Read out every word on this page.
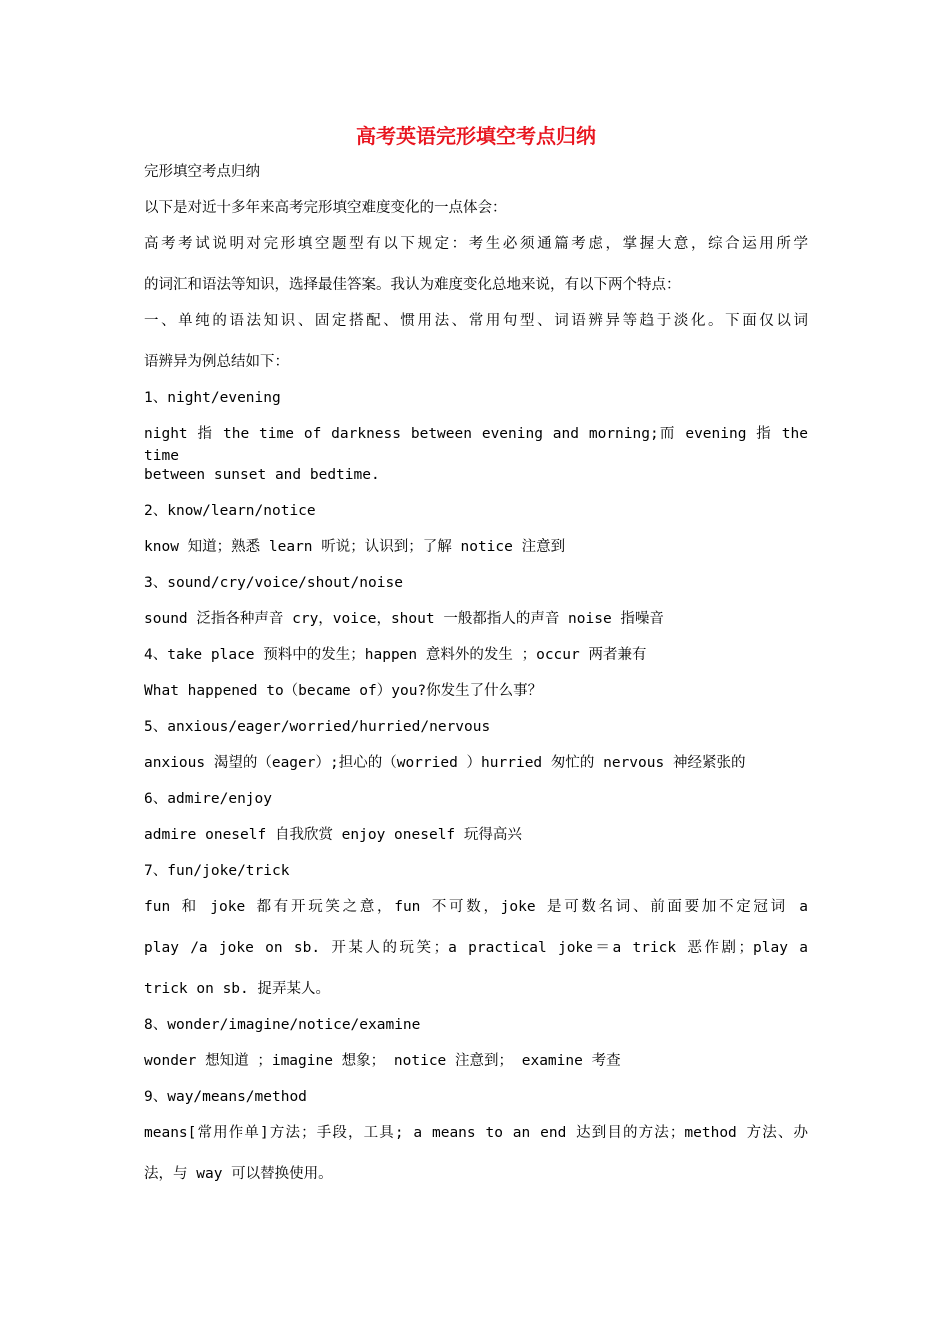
高考英语完形填空考点归纳

完形填空考点归纳

以下是对近十多年来高考完形填空难度变化的一点体会：

高考考试说明对完形填空题型有以下规定：考生必须通篇考虑，掌握大意，综合运用所学

的词汇和语法等知识，选择最佳答案。我认为难度变化总地来说，有以下两个特点：

一、单纯的语法知识、固定搭配、惯用法、常用句型、词语辨异等趋于淡化。下面仅以词

语辨异为例总结如下：

1、night/evening

night 指 the time of darkness between evening and morning;而 evening 指 the time

between sunset and bedtime.

2、know/learn/notice

know 知道；熟悉 learn 听说；认识到；了解 notice 注意到

3、sound/cry/voice/shout/noise

sound 泛指各种声音 cry，voice，shout 一般都指人的声音 noise 指噪音

4、take place 预料中的发生；happen 意料外的发生 ；occur 两者兼有

What happened to（became of）you?你发生了什么事？

5、anxious/eager/worried/hurried/nervous

anxious 渴望的（eager）;担心的（worried ）hurried 匆忙的 nervous 神经紧张的

6、admire/enjoy

admire oneself 自我欣赏 enjoy oneself 玩得高兴

7、fun/joke/trick

fun 和 joke 都有开玩笑之意，fun 不可数，joke 是可数名词、前面要加不定冠词 a

play /a joke on sb. 开某人的玩笑；a practical joke＝a trick 恶作剧；play a

trick on sb. 捉弄某人。

8、wonder/imagine/notice/examine

wonder 想知道 ；imagine 想象； notice 注意到； examine 考查

9、way/means/method

means[常用作单]方法；手段，工具; a means to an end 达到目的方法；method 方法、办

法，与 way 可以替换使用。
